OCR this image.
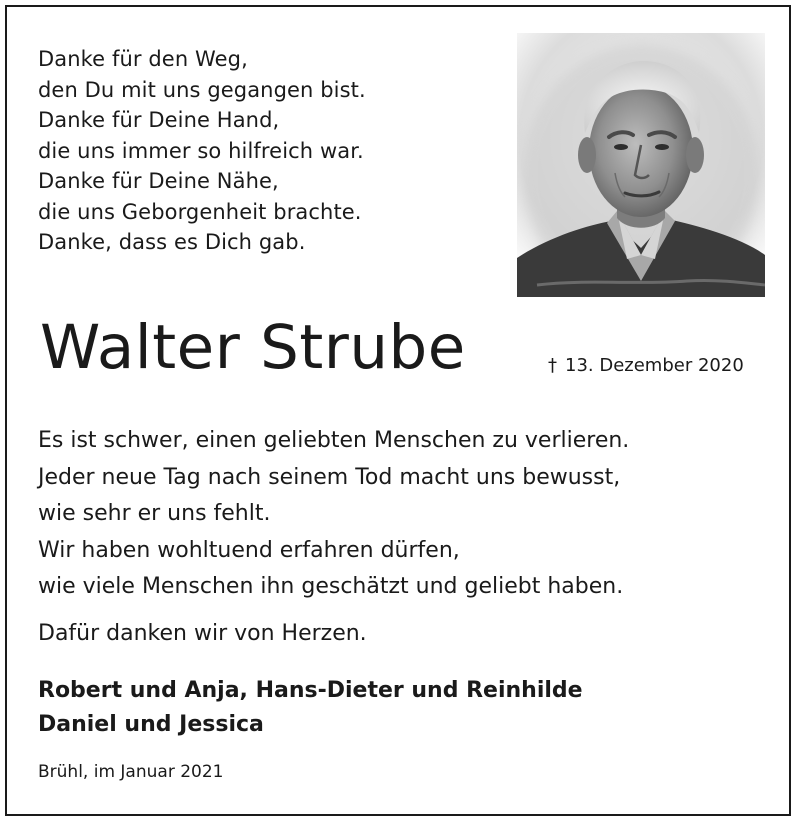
Danke für den Weg,
den Du mit uns gegangen bist.
Danke für Deine Hand,
die uns immer so hilfreich war.
Danke für Deine Nähe,
die uns Geborgenheit brachte.
Danke, dass es Dich gab.
Walter Strube	† 13. Dezember 2020
Es ist schwer, einen geliebten Menschen zu verlieren.
Jeder neue Tag nach seinem Tod macht uns bewusst,
wie sehr er uns fehlt.
Wir haben wohltuend erfahren dürfen,
wie viele Menschen ihn geschätzt und geliebt haben.
Dafür danken wir von Herzen.
Robert und Anja, Hans-Dieter und Reinhilde
Daniel und Jessica
Brühl, im Januar 2021
